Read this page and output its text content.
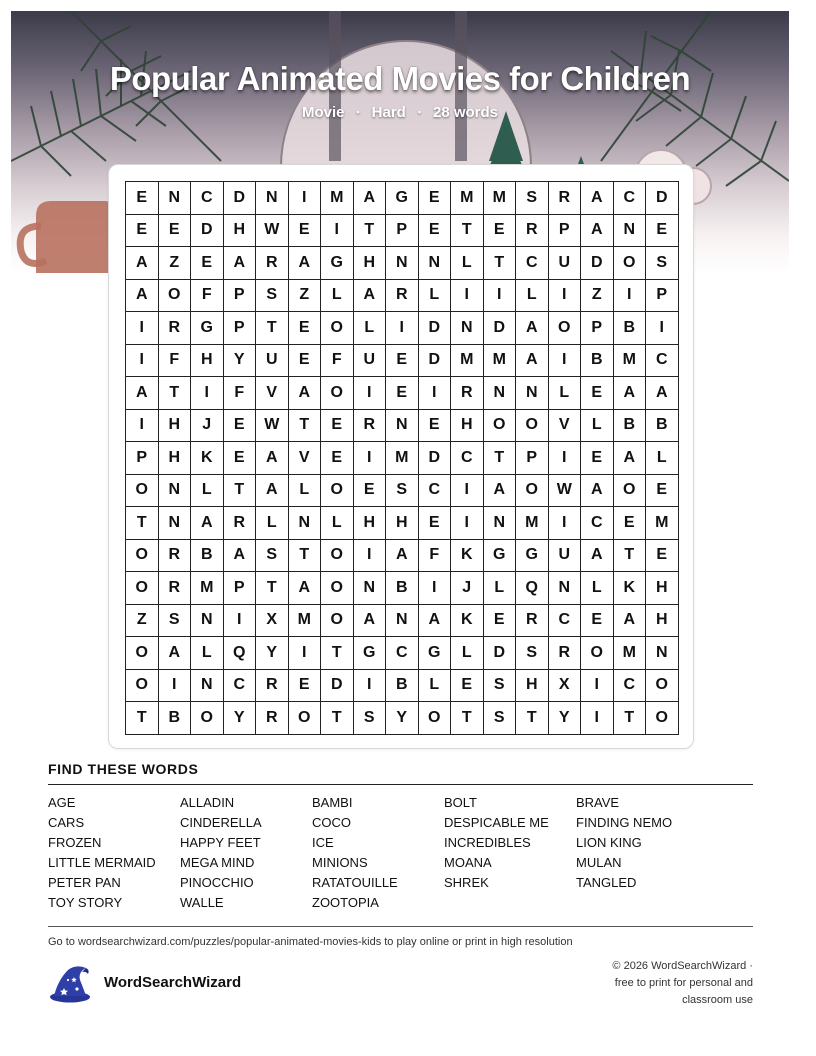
Popular Animated Movies for Children
Movie • Hard • 28 words
E	N	C	D	N	I	M	A	G	E	M	M	S	R	A	C	D
E	E	D	H	W	E	I	T	P	E	T	E	R	P	A	N	E
A	Z	E	A	R	A	G	H	N	N	L	T	C	U	D	O	S
A	O	F	P	S	Z	L	A	R	L	I	I	L	I	Z	I	P
I	R	G	P	T	E	O	L	I	D	N	D	A	O	P	B	I
I	F	H	Y	U	E	F	U	E	D	M	M	A	I	B	M	C
A	T	I	F	V	A	O	I	E	I	R	N	N	L	E	A	A
I	H	J	E	W	T	E	R	N	E	H	O	O	V	L	B	B
P	H	K	E	A	V	E	I	M	D	C	T	P	I	E	A	L
O	N	L	T	A	L	O	E	S	C	I	A	O	W	A	O	E
T	N	A	R	L	N	L	H	H	E	I	N	M	I	C	E	M
O	R	B	A	S	T	O	I	A	F	K	G	G	U	A	T	E
O	R	M	P	T	A	O	N	B	I	J	L	Q	N	L	K	H
Z	S	N	I	X	M	O	A	N	A	K	E	R	C	E	A	H
O	A	L	Q	Y	I	T	G	C	G	L	D	S	R	O	M	N
O	I	N	C	R	E	D	I	B	L	E	S	H	X	I	C	O
T	B	O	Y	R	O	T	S	Y	O	T	S	T	Y	I	T	O
FIND THESE WORDS
AGE	ALLADIN	BAMBI	BOLT	BRAVE
CARS	CINDERELLA	COCO	DESPICABLE ME	FINDING NEMO
FROZEN	HAPPY FEET	ICE	INCREDIBLES	LION KING
LITTLE MERMAID	MEGA MIND	MINIONS	MOANA	MULAN
PETER PAN	PINOCCHIO	RATATOUILLE	SHREK	TANGLED
TOY STORY	WALLE	ZOOTOPIA
Go to wordsearchwizard.com/puzzles/popular-animated-movies-kids to play online or print in high resolution
WordSearchWizard
© 2026 WordSearchWizard ·
free to print for personal and
classroom use
